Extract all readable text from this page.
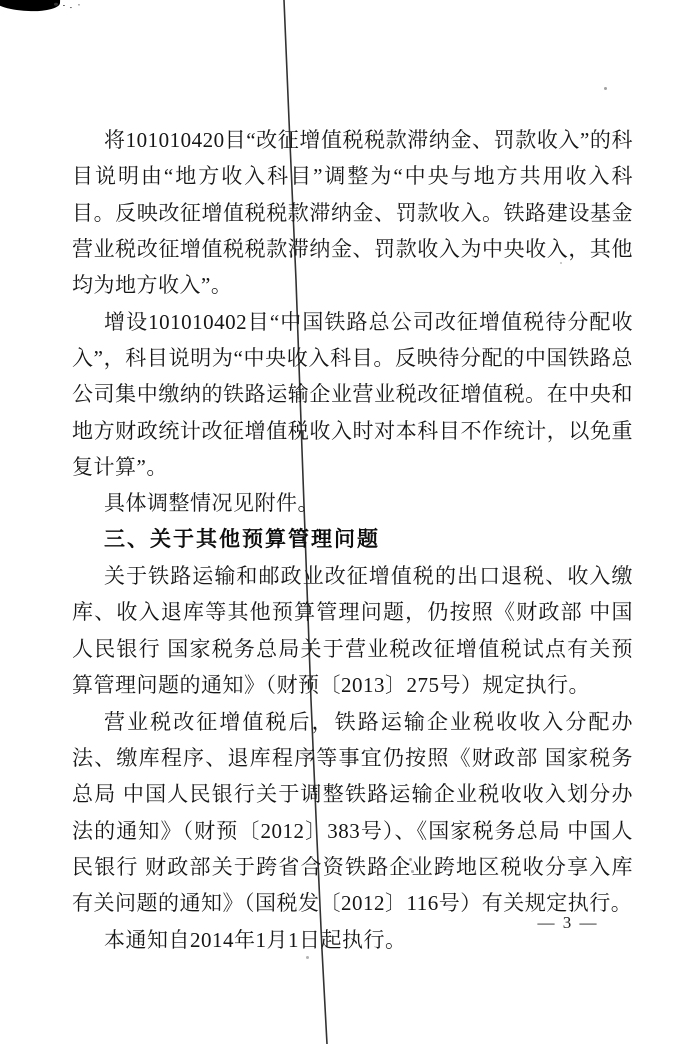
将101010420目“改征增值税税款滞纳金、罚款收入”的科目说明由“地方收入科目”调整为“中央与地方共用收入科目。反映改征增值税税款滞纳金、罚款收入。铁路建设基金营业税改征增值税税款滞纳金、罚款收入为中央收入，其他均为地方收入”。

增设101010402目“中国铁路总公司改征增值税待分配收入”，科目说明为“中央收入科目。反映待分配的中国铁路总公司集中缴纳的铁路运输企业营业税改征增值税。在中央和地方财政统计改征增值税收入时对本科目不作统计，以免重复计算”。

具体调整情况见附件。

三、关于其他预算管理问题

关于铁路运输和邮政业改征增值税的出口退税、收入缴库、收入退库等其他预算管理问题，仍按照《财政部 中国人民银行 国家税务总局关于营业税改征增值税试点有关预算管理问题的通知》（财预〔2013〕275号）规定执行。

营业税改征增值税后，铁路运输企业税收收入分配办法、缴库程序、退库程序等事宜仍按照《财政部 国家税务总局 中国人民银行关于调整铁路运输企业税收收入划分办法的通知》（财预〔2012〕383号）、《国家税务总局 中国人民银行 财政部关于跨省合资铁路企业跨地区税收分享入库有关问题的通知》（国税发〔2012〕116号）有关规定执行。

本通知自2014年1月1日起执行。

— 3 —
